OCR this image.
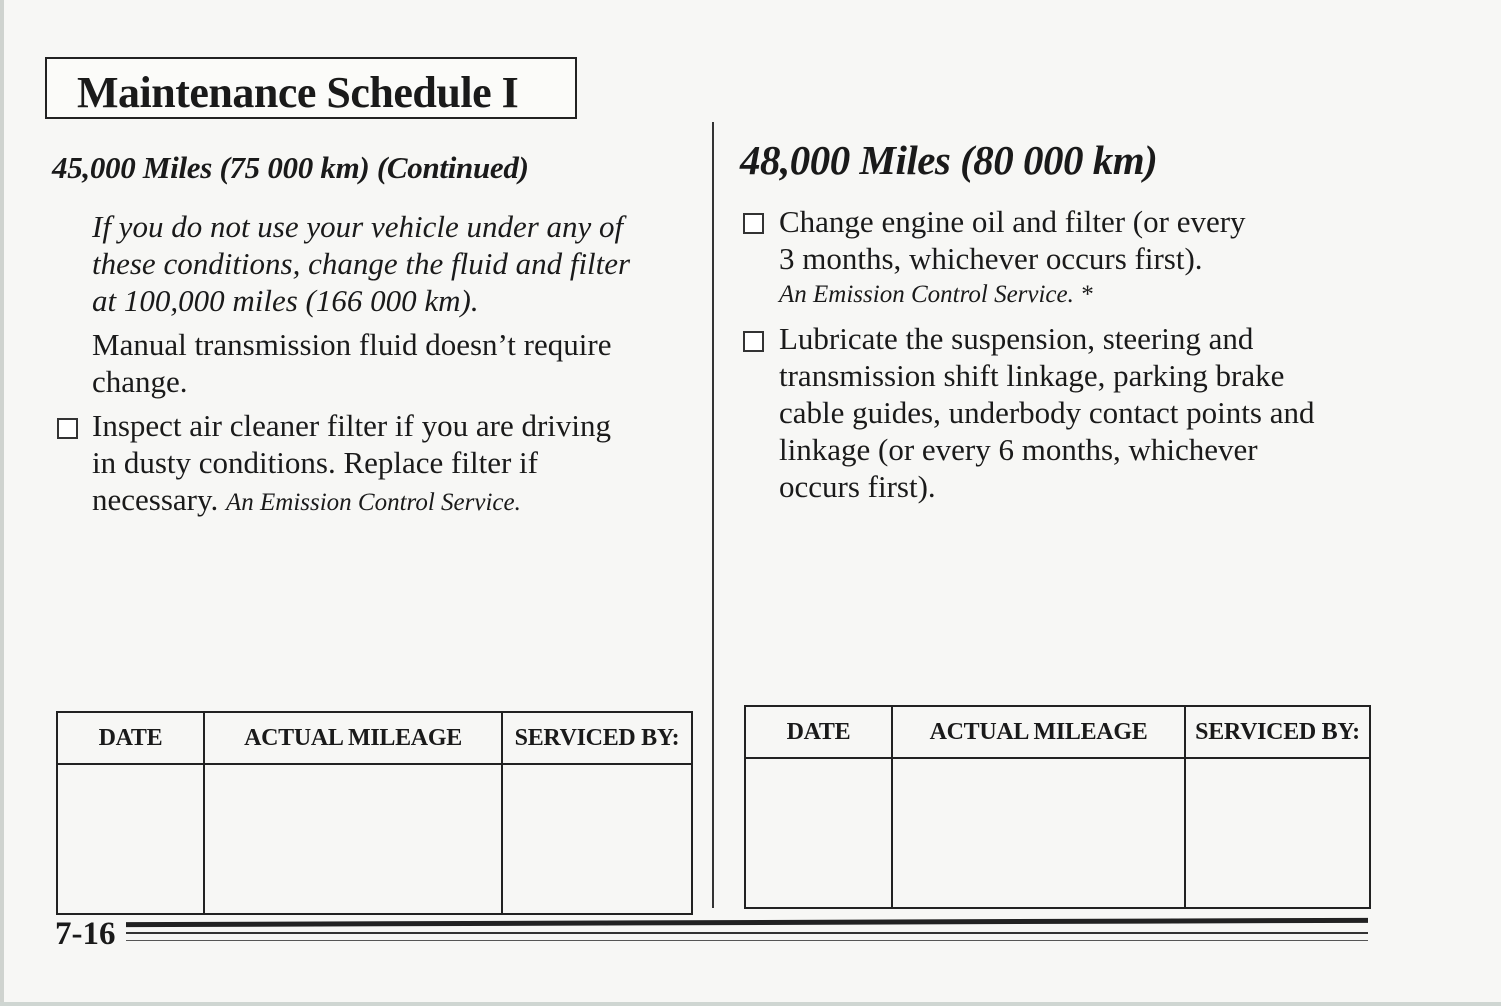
Maintenance Schedule I
45,000 Miles (75 000 km) (Continued)
If you do not use your vehicle under any of
these conditions, change the fluid and filter
at 100,000 miles (166 000 km).
Manual transmission fluid doesn’t require
change.
Inspect air cleaner filter if you are driving
in dusty conditions. Replace filter if
necessary. An Emission Control Service.
DATE	ACTUAL MILEAGE	SERVICED BY:

48,000 Miles (80 000 km)
Change engine oil and filter (or every
3 months, whichever occurs first).
An Emission Control Service. *
Lubricate the suspension, steering and
transmission shift linkage, parking brake
cable guides, underbody contact points and
linkage (or every 6 months, whichever
occurs first).
DATE	ACTUAL MILEAGE	SERVICED BY:

7-16
